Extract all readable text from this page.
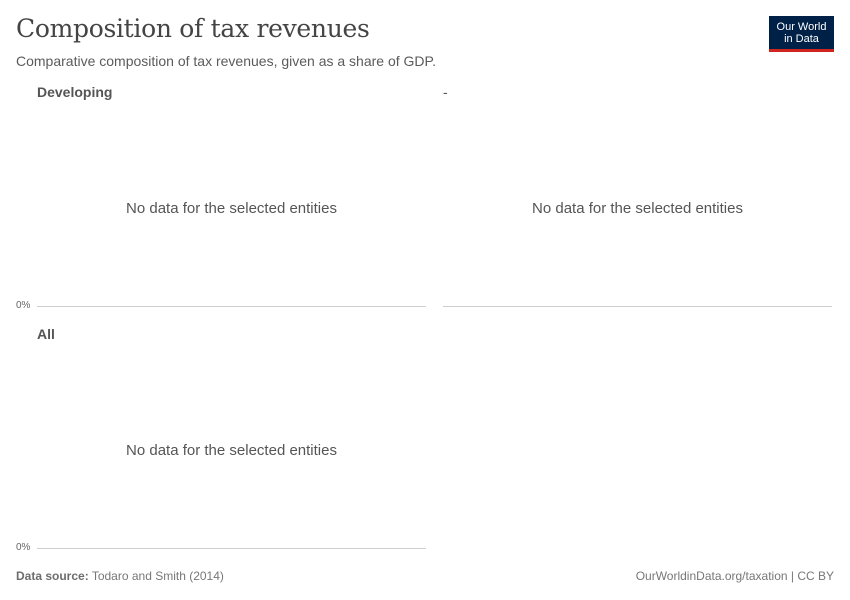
Composition of tax revenues
Comparative composition of tax revenues, given as a share of GDP.
Our World
in Data
Developing
No data for the selected entities
0%
-
No data for the selected entities
All
No data for the selected entities
0%
Data source: Todaro and Smith (2014)	OurWorldinData.org/taxation | CC BY
